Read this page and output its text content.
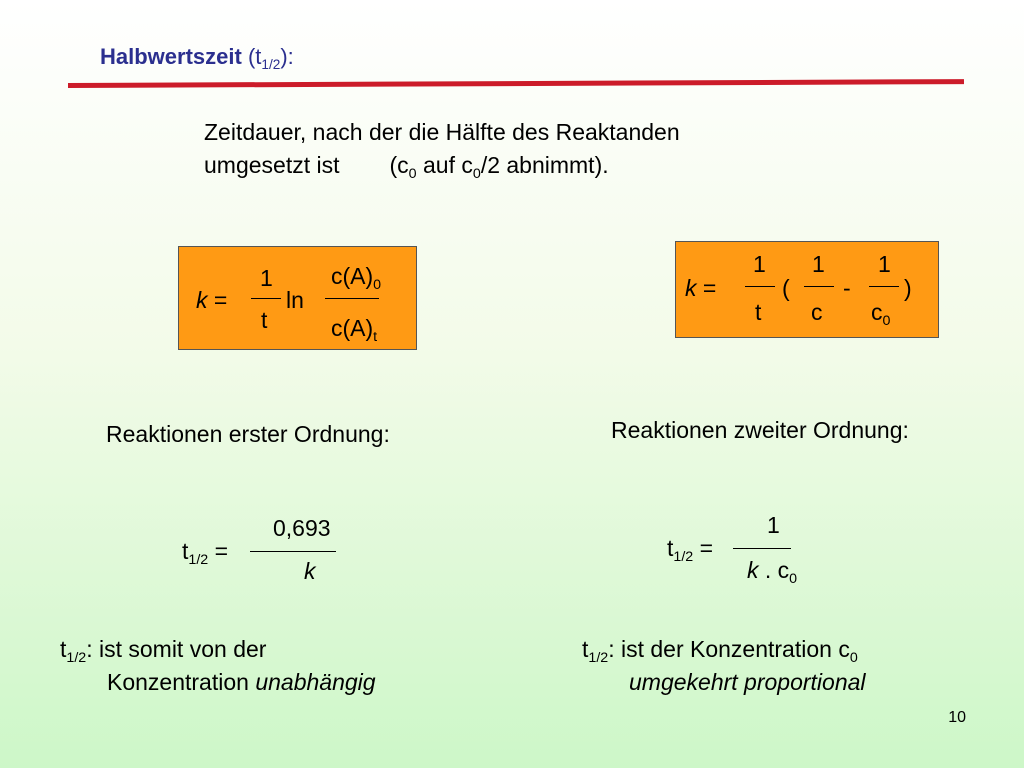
Halbwertszeit $(t_{1/2})$:
Zeitdauer, nach der die Hälfte des Reaktanden
umgesetzt ist ($c_0$ auf $c_0/2$ abnimmt).
k =
1
t
ln
$c(A)_0$
$c(A)_t$
k =
1
t
(
1
c
-
1
$c_0$
)
Reaktionen erster Ordnung:	Reaktionen zweiter Ordnung:
$t_{1/2}$ =
0,693
k
$t_{1/2}$ =
1
k . $c_0$
$t_{1/2}$: ist somit von der
Konzentration unabhängig
$t_{1/2}$: ist der Konzentration $c_0$
umgekehrt proportional
10
